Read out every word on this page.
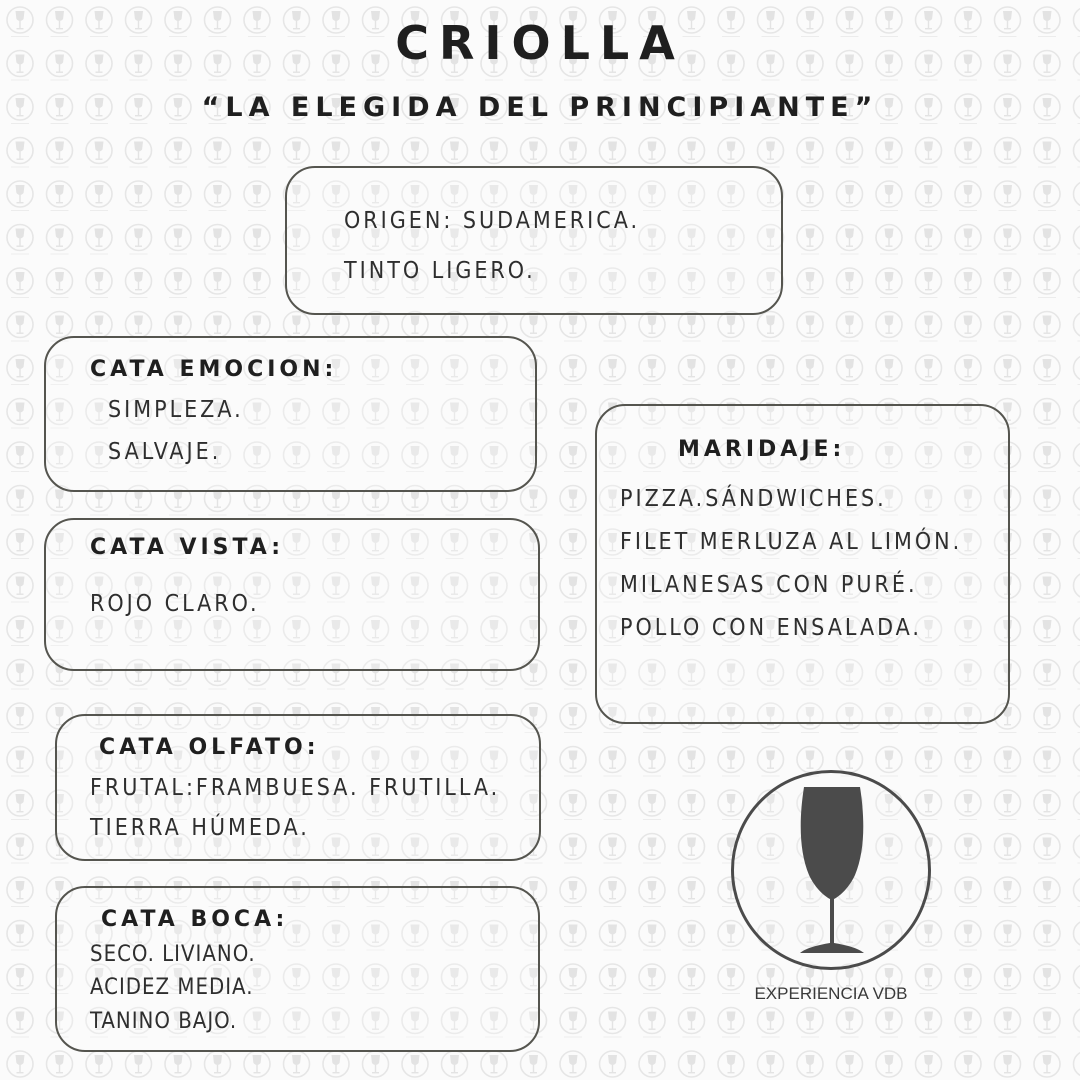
CRIOLLA
“LA ELEGIDA DEL PRINCIPIANTE”
ORIGEN: SUDAMERICA.
TINTO LIGERO.
CATA EMOCION:
SIMPLEZA.
SALVAJE.
CATA VISTA:
ROJO CLARO.
CATA OLFATO:
FRUTAL:FRAMBUESA. FRUTILLA.
TIERRA HÚMEDA.
CATA BOCA:
SECO. LIVIANO.
ACIDEZ MEDIA.
TANINO BAJO.
MARIDAJE:
PIZZA.SÁNDWICHES.
FILET MERLUZA AL LIMÓN.
MILANESAS CON PURÉ.
POLLO CON ENSALADA.
EXPERIENCIA VDB
